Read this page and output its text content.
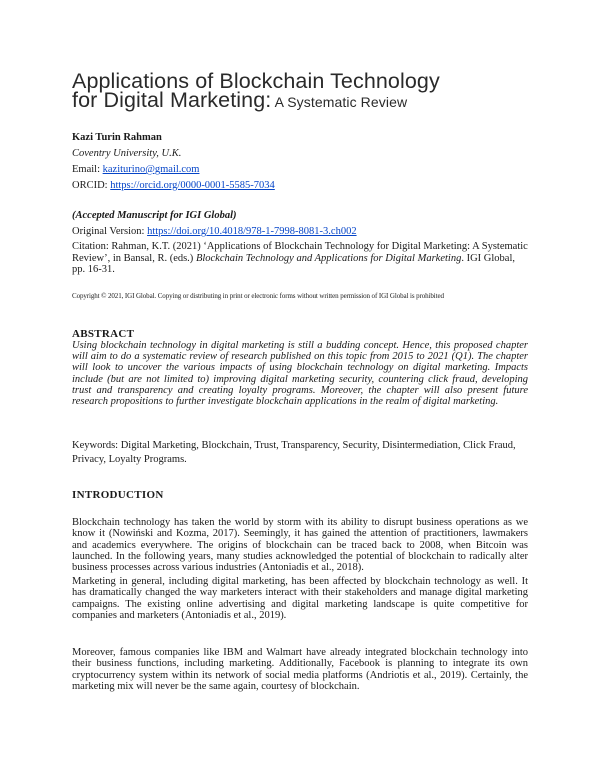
Applications of Blockchain Technology
for Digital Marketing: A Systematic Review
Kazi Turin Rahman
Coventry University, U.K.
Email: kaziturino@gmail.com
ORCID: https://orcid.org/0000-0001-5585-7034
(Accepted Manuscript for IGI Global)
Original Version: https://doi.org/10.4018/978-1-7998-8081-3.ch002
Citation: Rahman, K.T. (2021) ‘Applications of Blockchain Technology for Digital Marketing: A Systematic Review’, in Bansal, R. (eds.) Blockchain Technology and Applications for Digital Marketing. IGI Global, pp. 16-31.
Copyright © 2021, IGI Global. Copying or distributing in print or electronic forms without written permission of IGI Global is prohibited
ABSTRACT
Using blockchain technology in digital marketing is still a budding concept. Hence, this proposed chapter will aim to do a systematic review of research published on this topic from 2015 to 2021 (Q1). The chapter will look to uncover the various impacts of using blockchain technology on digital marketing. Impacts include (but are not limited to) improving digital marketing security, countering click fraud, developing trust and transparency and creating loyalty programs. Moreover, the chapter will also present future research propositions to further investigate blockchain applications in the realm of digital marketing.
Keywords: Digital Marketing, Blockchain, Trust, Transparency, Security, Disintermediation, Click Fraud, Privacy, Loyalty Programs.
INTRODUCTION
Blockchain technology has taken the world by storm with its ability to disrupt business operations as we know it (Nowiński and Kozma, 2017). Seemingly, it has gained the attention of practitioners, lawmakers and academics everywhere. The origins of blockchain can be traced back to 2008, when Bitcoin was launched. In the following years, many studies acknowledged the potential of blockchain to radically alter business processes across various industries (Antoniadis et al., 2018).
Marketing in general, including digital marketing, has been affected by blockchain technology as well. It has dramatically changed the way marketers interact with their stakeholders and manage digital marketing campaigns. The existing online advertising and digital marketing landscape is quite competitive for companies and marketers (Antoniadis et al., 2019).
Moreover, famous companies like IBM and Walmart have already integrated blockchain technology into their business functions, including marketing. Additionally, Facebook is planning to integrate its own cryptocurrency system within its network of social media platforms (Andriotis et al., 2019). Certainly, the marketing mix will never be the same again, courtesy of blockchain.
